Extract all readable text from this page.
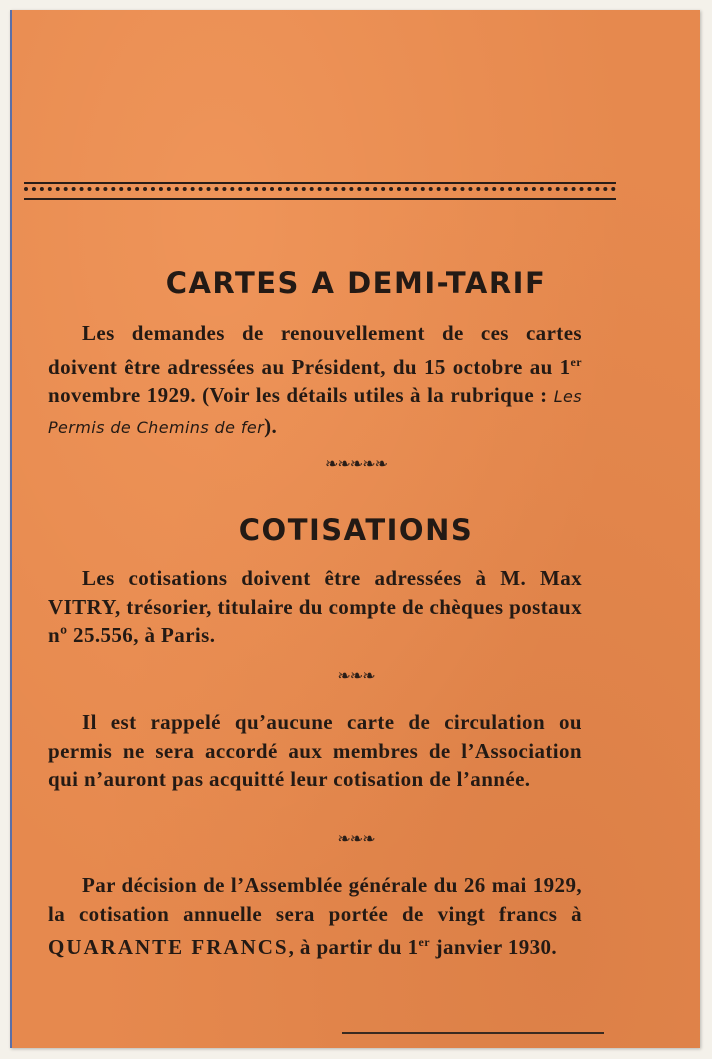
CARTES A DEMI-TARIF
Les demandes de renouvellement de ces cartes doivent être adressées au Président, du 15 octobre au 1er novembre 1929. (Voir les détails utiles à la rubrique : Les Permis de Chemins de fer).
❧❧❧❧❧
COTISATIONS
Les cotisations doivent être adressées à M. Max VITRY, trésorier, titulaire du compte de chèques postaux nº 25.556, à Paris.
❧❧❧
Il est rappelé qu’aucune carte de circulation ou permis ne sera accordé aux membres de l’Association qui n’auront pas acquitté leur cotisation de l’année.
❧❧❧
Par décision de l’Assemblée générale du 26 mai 1929, la cotisation annuelle sera portée de vingt francs à QUARANTE FRANCS, à partir du 1er janvier 1930.
